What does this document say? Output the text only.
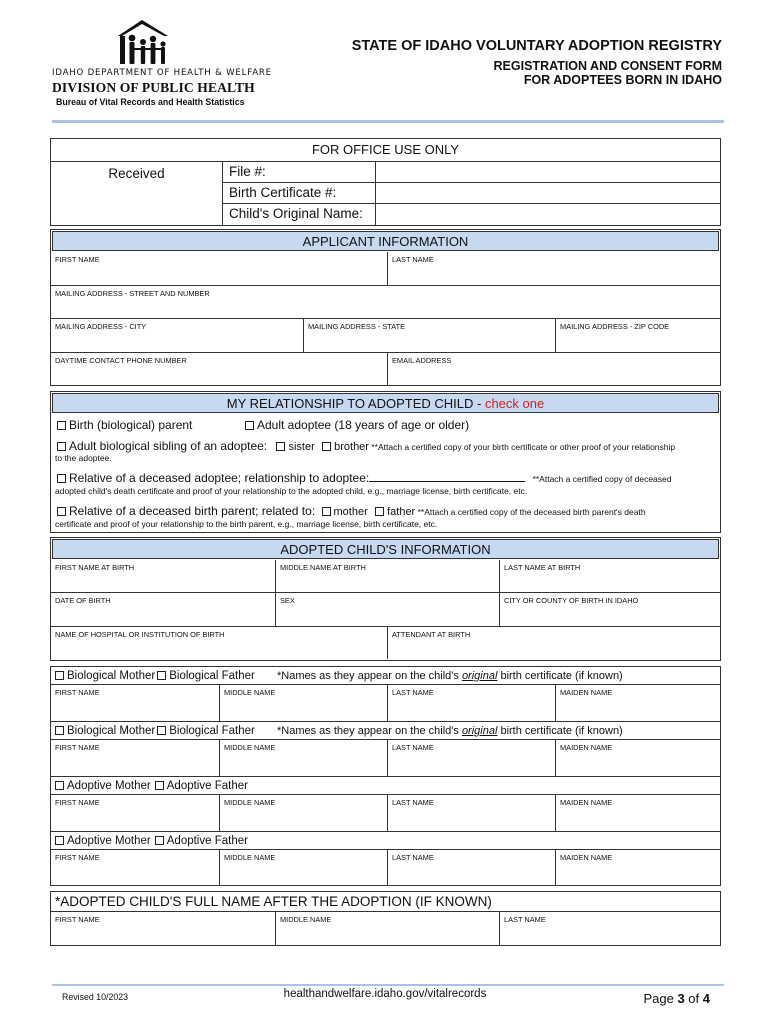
IDAHO DEPARTMENT OF HEALTH & WELFARE
DIVISION OF PUBLIC HEALTH
Bureau of Vital Records and Health Statistics
STATE OF IDAHO VOLUNTARY ADOPTION REGISTRY
REGISTRATION AND CONSENT FORM
FOR ADOPTEES BORN IN IDAHO
FOR OFFICE USE ONLY
Received	File #:
Birth Certificate #:
Child's Original Name:
APPLICANT INFORMATION
FIRST NAME	LAST NAME
MAILING ADDRESS - STREET AND NUMBER
MAILING ADDRESS - CITY	MAILING ADDRESS - STATE	MAILING ADDRESS - ZIP CODE
DAYTIME CONTACT PHONE NUMBER	EMAIL ADDRESS
MY RELATIONSHIP TO ADOPTED CHILD - check one
Birth (biological) parent	Adult adoptee (18 years of age or older)
Adult biological sibling of an adoptee: sister brother **Attach a certified copy of your birth certificate or other proof of your relationship
to the adoptee.
Relative of a deceased adoptee; relationship to adoptee:	**Attach a certified copy of deceased
adopted child's death certificate and proof of your relationship to the adopted child, e.g., marriage license, birth certificate, etc.
Relative of a deceased birth parent; related to: mother father **Attach a certified copy of the deceased birth parent's death
certificate and proof of your relationship to the birth parent, e.g., marriage license, birth certificate, etc.
ADOPTED CHILD'S INFORMATION
FIRST NAME AT BIRTH	MIDDLE NAME AT BIRTH	LAST NAME AT BIRTH
DATE OF BIRTH	SEX	CITY OR COUNTY OF BIRTH IN IDAHO
NAME OF HOSPITAL OR INSTITUTION OF BIRTH	ATTENDANT AT BIRTH
Biological Mother Biological Father *Names as they appear on the child's original birth certificate (if known)
FIRST NAME	MIDDLE NAME	LAST NAME	MAIDEN NAME
Biological Mother Biological Father *Names as they appear on the child's original birth certificate (if known)
FIRST NAME	MIDDLE NAME	LAST NAME	MAIDEN NAME
Adoptive Mother Adoptive Father
FIRST NAME	MIDDLE NAME	LAST NAME	MAIDEN NAME
Adoptive Mother Adoptive Father
FIRST NAME	MIDDLE NAME	LAST NAME	MAIDEN NAME
*ADOPTED CHILD'S FULL NAME AFTER THE ADOPTION (IF KNOWN)
FIRST NAME	MIDDLE NAME	LAST NAME
Revised 10/2023	healthandwelfare.idaho.gov/vitalrecords	Page 3 of 4
